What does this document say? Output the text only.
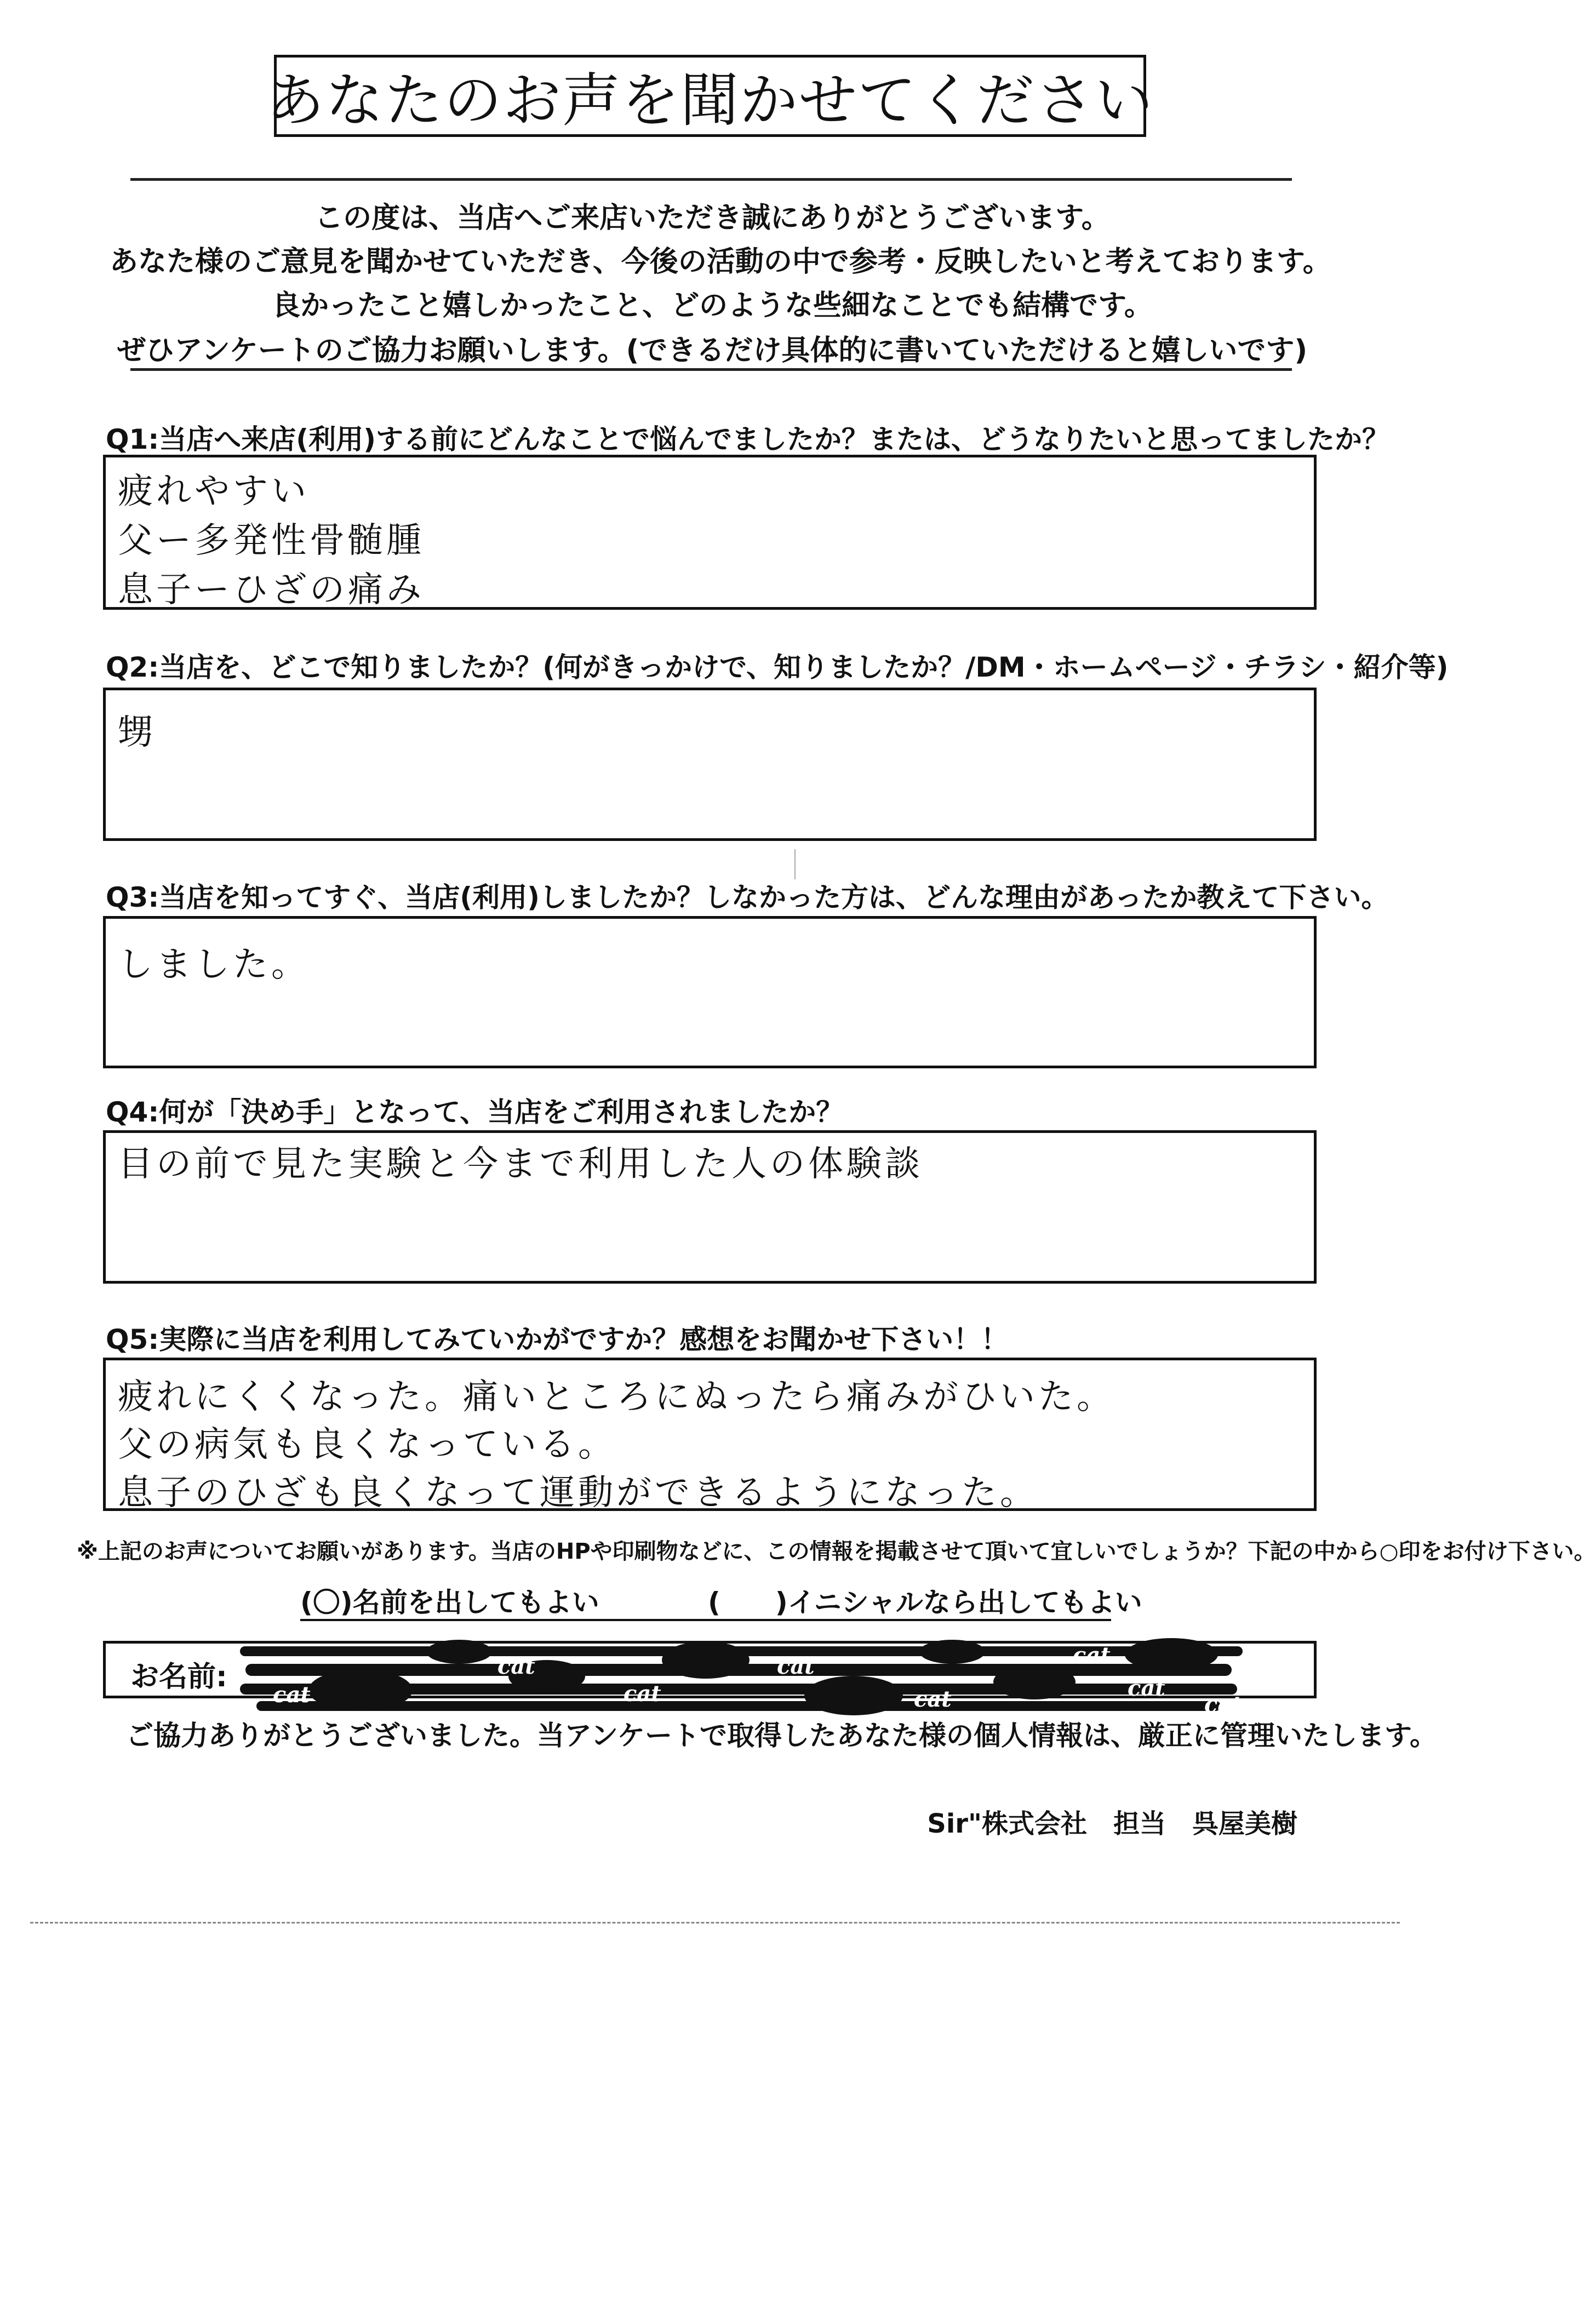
あなたのお声を聞かせてください
この度は、当店へご来店いただき誠にありがとうございます。
あなた様のご意見を聞かせていただき、今後の活動の中で参考・反映したいと考えております。
良かったこと嬉しかったこと、どのような些細なことでも結構です。
ぜひアンケートのご協力お願いします。(できるだけ具体的に書いていただけると嬉しいです)
Q1:当店へ来店(利用)する前にどんなことで悩んでましたか？または、どうなりたいと思ってましたか？
疲れやすい
父ー多発性骨髄腫
息子ーひざの痛み
Q2:当店を、どこで知りましたか？(何がきっかけで、知りましたか？/DM・ホームページ・チラシ・紹介等)
甥
Q3:当店を知ってすぐ、当店(利用)しましたか？しなかった方は、どんな理由があったか教えて下さい。
しました。
Q4:何が「決め手」となって、当店をご利用されましたか？
目の前で見た実験と今まで利用した人の体験談
Q5:実際に当店を利用してみていかがですか？感想をお聞かせ下さい！！
疲れにくくなった。痛いところにぬったら痛みがひいた。
父の病気も良くなっている。
息子のひざも良くなって運動ができるようになった。
※上記のお声についてお願いがあります。当店のHPや印刷物などに、この情報を掲載させて頂いて宜しいでしょうか？下記の中から○印をお付け下さい。
(〇)名前を出してもよい	(　　)イニシャルなら出してもよい
お名前:
cat
cat
cat
cat
cat
cat
cat
cat
ご協力ありがとうございました。当アンケートで取得したあなた様の個人情報は、厳正に管理いたします。
Sir"株式会社　担当　呉屋美樹
